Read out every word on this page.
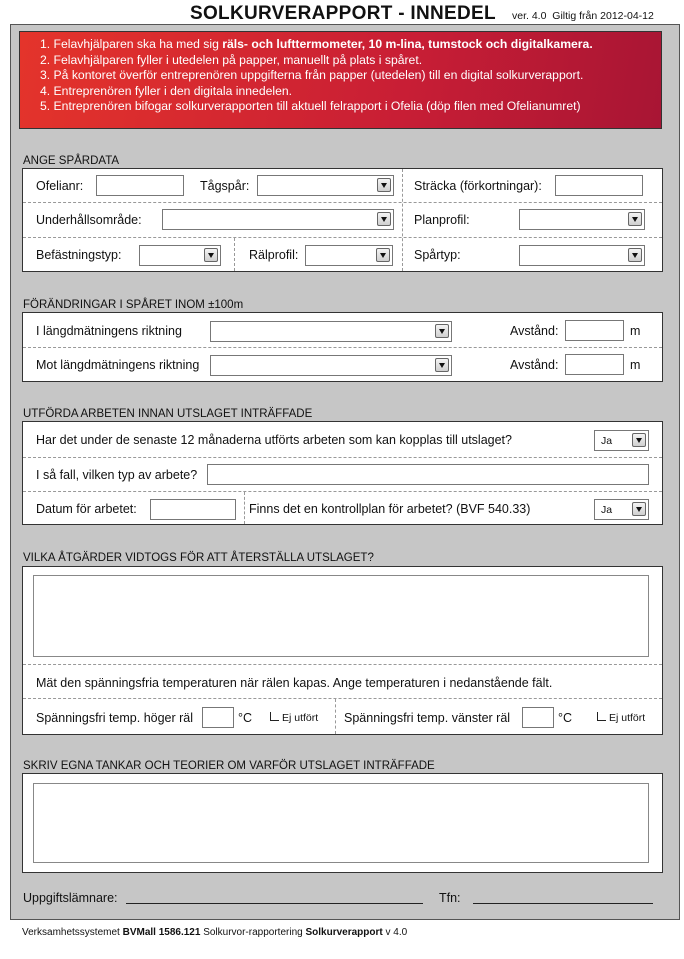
SOLKURVERAPPORT - INNEDEL ver. 4.0 Giltig från 2012-04-12
1. Felavhjälparen ska ha med sig räls- och lufttermometer, 10 m-lina, tumstock och digitalkamera.
2. Felavhjälparen fyller i utedelen på papper, manuellt på plats i spåret.
3. På kontoret överför entreprenören uppgifterna från papper (utedelen) till en digital solkurverapport.
4. Entreprenören fyller i den digitala innedelen.
5. Entreprenören bifogar solkurverapporten till aktuell felrapport i Ofelia (döp filen med Ofelianumret)
ANGE SPÅRDATA
Ofelianr:	Tågspår:	Sträcka (förkortningar):
Underhållsområde:	Planprofil:
Befästningstyp:	Rälprofil:	Spårtyp:
FÖRÄNDRINGAR I SPÅRET INOM ±100m
I längdmätningens riktning	Avstånd:	m
Mot längdmätningens riktning	Avstånd:	m
UTFÖRDA ARBETEN INNAN UTSLAGET INTRÄFFADE
Har det under de senaste 12 månaderna utförts arbeten som kan kopplas till utslaget?	Ja
I så fall, vilken typ av arbete?
Datum för arbetet:	Finns det en kontrollplan för arbetet? (BVF 540.33)	Ja
VILKA ÅTGÄRDER VIDTOGS FÖR ATT ÅTERSTÄLLA UTSLAGET?
Mät den spänningsfria temperaturen när rälen kapas. Ange temperaturen i nedanstående fält.
Spänningsfri temp. höger räl	°C	Ej utfört Spänningsfri temp. vänster räl	°C	Ej utfört
SKRIV EGNA TANKAR OCH TEORIER OM VARFÖR UTSLAGET INTRÄFFADE
Uppgiftslämnare:	Tfn:
Verksamhetssystemet BVMall 1586.121 Solkurvor-rapportering Solkurverapport v 4.0
